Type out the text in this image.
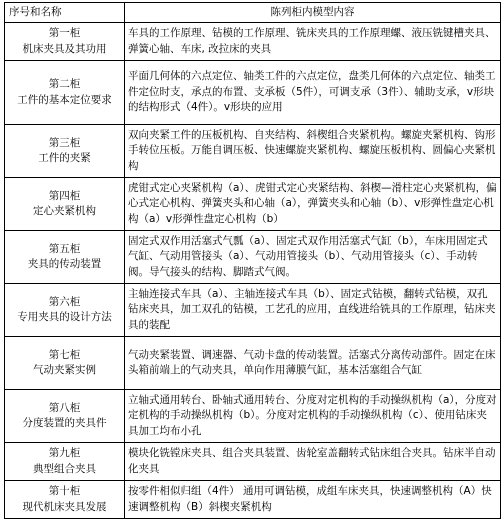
序号和名称	陈列柜内模型内容

第一柜
机床夹具及其功用	车具的工作原理、钻模的工作原理、铣床夹具的工作原理螺、液压铣键槽夹具、弹簧心轴、车床, 改拉床的夹具

第二柜
工件的基本定位要求	平面几何体的六点定位、轴类工件的六点定位，盘类几何体的六点定位、轴类工件定位时支，承点的布置、支承板（5件），可调支承（3件）、辅助支承，v形块的结构形式（4件）。v形块的应用

第三柜
工件的夹紧	双向夹紧工件的压板机构、自夹结构、斜楔组合夹紧机构。螺旋夹紧机构、钩形手转位压板。万能自调压板、快速螺旋夹紧机构、螺旋压板机构、圆偏心夹紧机构

第四柜
定心夹紧机构	虎钳式定心夹紧机构（a）、虎钳式定心夹紧结构、斜楔—滑柱定心夹紧机构，偏心式定心机构、弹簧夹头和心轴（a），弹簧夹头和心轴（b）、v形弹性盘定心机构（a）v形弹性盘定心机构（b）

第五柜
夹具的传动装置	固定式双作用活塞式气瓢（a）、固定式双作用活塞式气缸（b），车床用固定式气缸、气动用管接头（a）、气动用管接头（b）、气动用管接头（c）、手动转阀。导气接头的结构、脚踏式气阀。

第六柜
专用夹具的设计方法	主轴连接式车具（a）、主轴连接式车具（b）、固定式钻模，翻转式钻模，双孔钻床夹具，加工双孔的钻模，工艺孔的应用，直线进给铣具的工作原理，钻床夹具的装配

第七柜
气动夹紧实例	气动夹紧装置、调速器、气动卡盘的传动装置。活塞式分离传动部件。固定在床头箱前端上的气动夹具，单向作用薄膜气缸，基本活塞组合气缸

第八柜
分度装置的夹具件	立轴式通用转台、卧轴式通用转台、分度对定机构的手动操纵机构（a），分度对定机构的手动操纵机构（b）。分度对定机构的手动操纵机构（c）、使用钻床夹具加工均布小孔

第九柜
典型组合夹具	模块化铣镗床夹具、组合夹具装置、齿轮室盖翻转式钻床组合夹具。钻床半自动化夹具

第十柜
现代机床夹具发展	按零件相似归组（4件） 通用可调钻模，成组车床夹具，快速调整机构（A）快速调整机构（B）斜楔夹紧机构
